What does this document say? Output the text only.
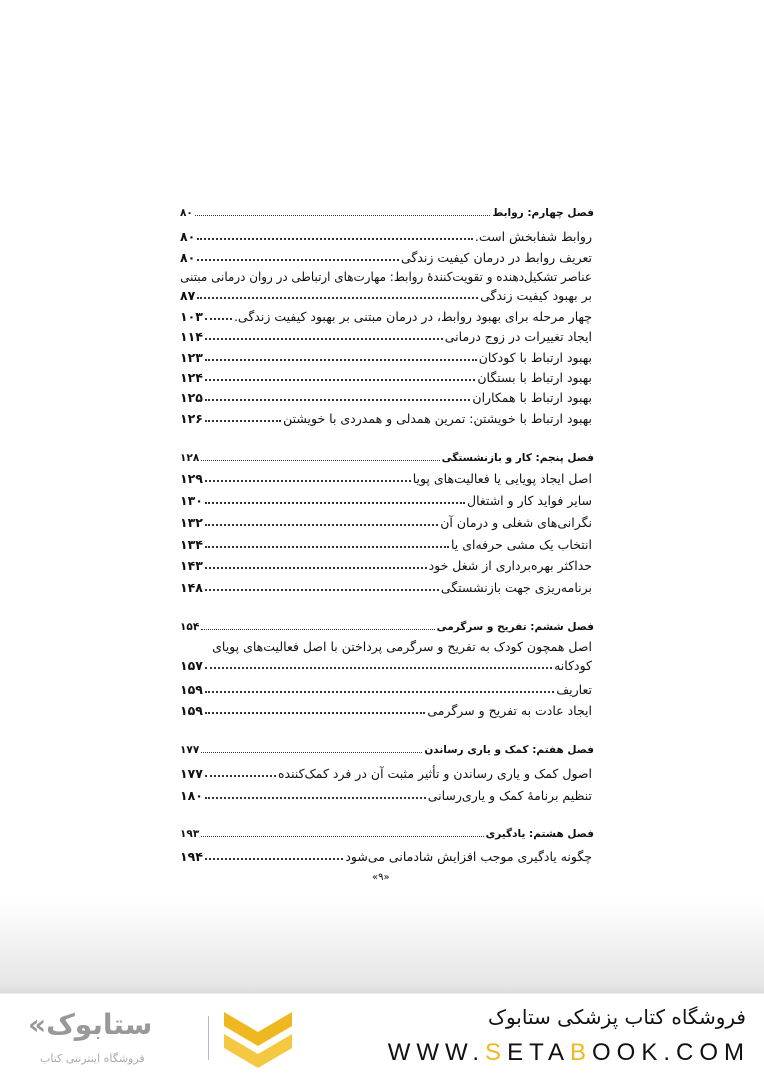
فصل چهارم: روابط
۸۰
روابط شفابخش است.
۸۰
تعریف روابط در درمان کیفیت زندگی
۸۰
عناصر تشکیل‌دهنده و تقویت‌کنندهٔ روابط: مهارت‌های ارتباطی در روان درمانی مبتنی
بر بهبود کیفیت زندگی
۸۷
چهار مرحله برای بهبود روابط، در درمان مبتنی بر بهبود کیفیت زندگی.
۱۰۳
ایجاد تغییرات در زوج درمانی
۱۱۴
بهبود ارتباط با کودکان
۱۲۳
بهبود ارتباط با بستگان
۱۲۴
بهبود ارتباط با همکاران
۱۲۵
بهبود ارتباط با خویشتن: تمرین همدلی و همدردی با خویشتن
۱۲۶
فصل پنجم: کار و بازنشستگی
۱۲۸
اصل ایجاد پویایی یا فعالیت‌های پویا
۱۲۹
سایر فواید کار و اشتغال
۱۳۰
نگرانی‌های شغلی و درمان آن
۱۳۲
انتخاب یک مشی حرفه‌ای یا
۱۳۴
حداکثر بهره‌برداری از شغل خود
۱۴۳
برنامه‌ریزی جهت بازنشستگی
۱۴۸
فصل ششم: تفریح و سرگرمی
۱۵۴
اصل همچون کودک به تفریح و سرگرمی پرداختن با اصل فعالیت‌های پویای
کودکانه
۱۵۷
تعاریف
۱۵۹
ایجاد عادت به تفریح و سرگرمی
۱۵۹
فصل هفتم: کمک و یاری رساندن
۱۷۷
اصول کمک و یاری رساندن و تأثیر مثبت آن در فرد کمک‌کننده
۱۷۷
تنظیم برنامهٔ کمک و یاری‌رسانی
۱۸۰
فصل هشتم: یادگیری
۱۹۳
چگونه یادگیری موجب افزایش شادمانی می‌شود
۱۹۴
«۹»
فروشگاه کتاب پزشکی ستابوک
WWW.SETABOOK.COM
«ستابوک
فروشگاه اینترنتی کتاب
